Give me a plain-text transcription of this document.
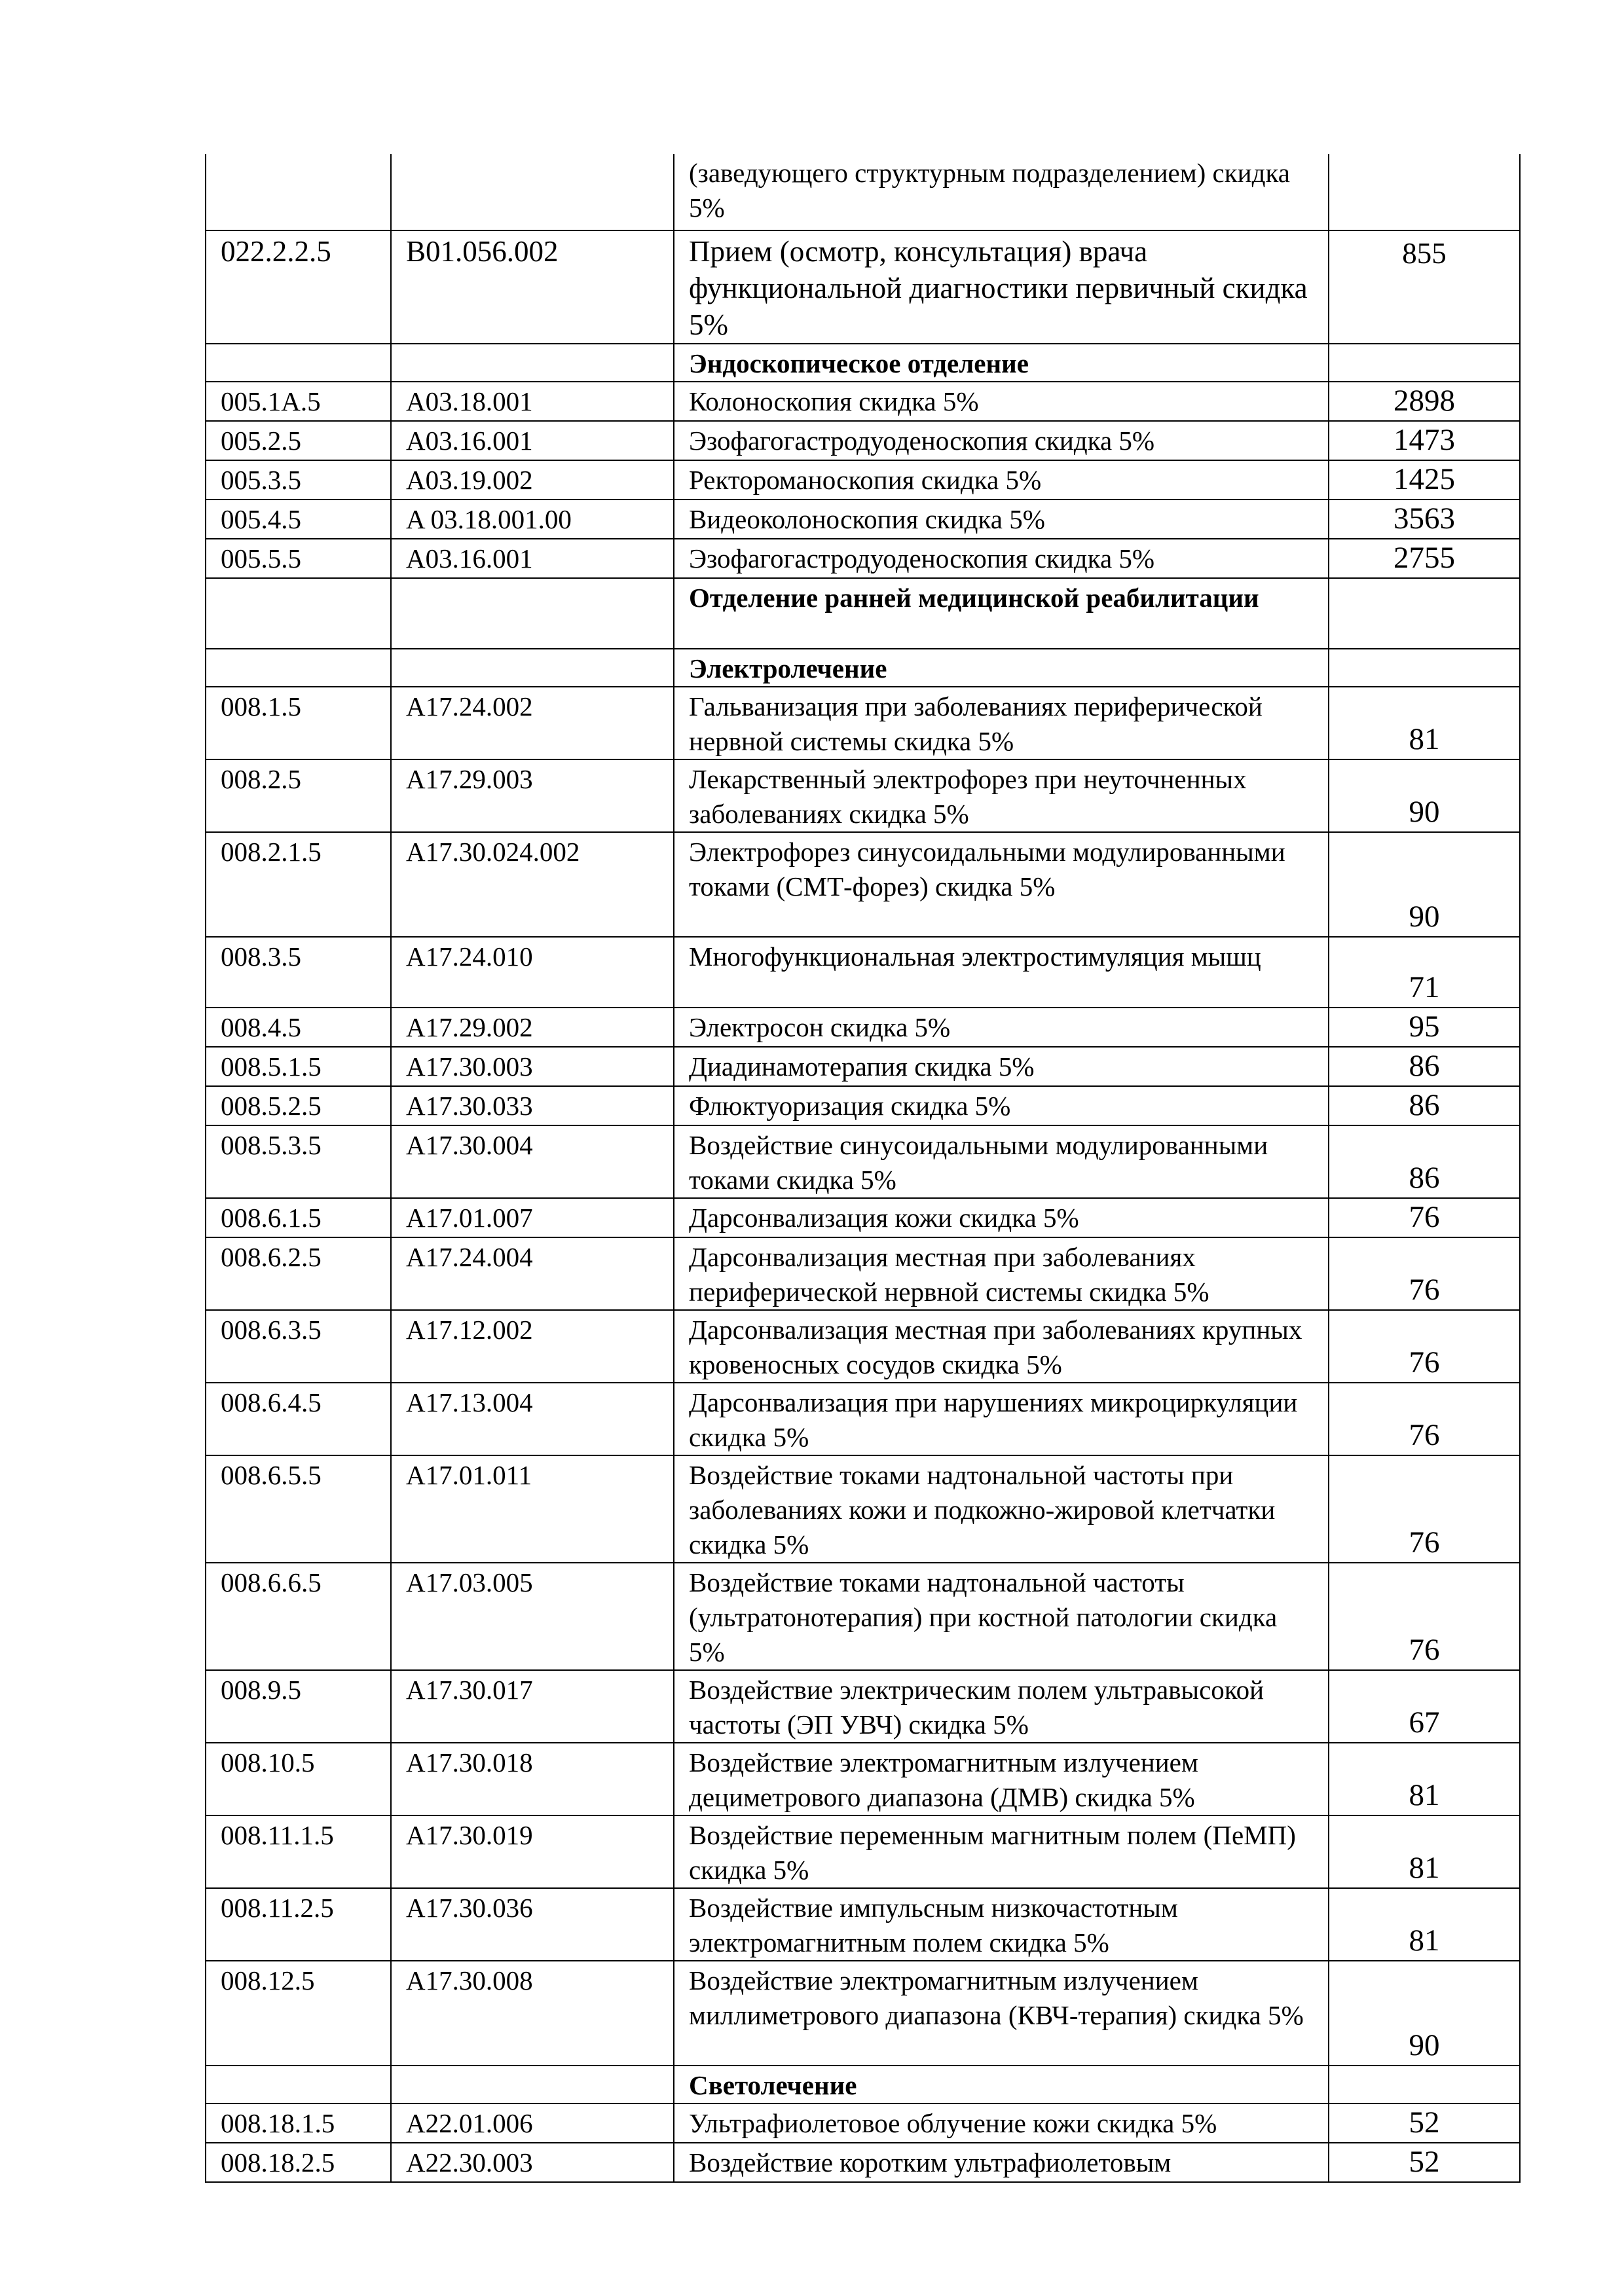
		(заведующего структурным подразделением) скидка 5%	
022.2.2.5	B01.056.002	Прием (осмотр, консультация) врача функциональной диагностики первичный скидка 5%	855
		Эндоскопическое отделение	
005.1A.5	A03.18.001	Колоноскопия скидка 5%	2898
005.2.5	A03.16.001	Эзофагогастродуоденоскопия скидка 5%	1473
005.3.5	A03.19.002	Ректороманоскопия скидка 5%	1425
005.4.5	A 03.18.001.00	Видеоколоноскопия скидка 5%	3563
005.5.5	A03.16.001	Эзофагогастродуоденоскопия скидка 5%	2755
		Отделение ранней медицинской реабилитации	
		Электролечение	
008.1.5	A17.24.002	Гальванизация при заболеваниях периферической нервной системы скидка 5%	81
008.2.5	A17.29.003	Лекарственный электрофорез при неуточненных заболеваниях скидка 5%	90
008.2.1.5	A17.30.024.002	Электрофорез синусоидальными модулированными токами (СМТ-форез) скидка 5%	90
008.3.5	A17.24.010	Многофункциональная электростимуляция мышц	71
008.4.5	A17.29.002	Электросон скидка 5%	95
008.5.1.5	A17.30.003	Диадинамотерапия скидка 5%	86
008.5.2.5	A17.30.033	Флюктуоризация скидка 5%	86
008.5.3.5	A17.30.004	Воздействие синусоидальными модулированными токами скидка 5%	86
008.6.1.5	A17.01.007	Дарсонвализация кожи скидка 5%	76
008.6.2.5	A17.24.004	Дарсонвализация местная при заболеваниях периферической нервной системы скидка 5%	76
008.6.3.5	A17.12.002	Дарсонвализация местная при заболеваниях крупных кровеносных сосудов скидка 5%	76
008.6.4.5	A17.13.004	Дарсонвализация при нарушениях микроциркуляции скидка 5%	76
008.6.5.5	A17.01.011	Воздействие токами надтональной частоты при заболеваниях кожи и подкожно-жировой клетчатки скидка 5%	76
008.6.6.5	A17.03.005	Воздействие токами надтональной частоты (ультратонотерапия) при костной патологии скидка 5%	76
008.9.5	A17.30.017	Воздействие электрическим полем ультравысокой частоты (ЭП УВЧ) скидка 5%	67
008.10.5	A17.30.018	Воздействие электромагнитным излучением дециметрового диапазона (ДМВ) скидка 5%	81
008.11.1.5	A17.30.019	Воздействие переменным магнитным полем (ПеМП) скидка 5%	81
008.11.2.5	A17.30.036	Воздействие импульсным низкочастотным электромагнитным полем скидка 5%	81
008.12.5	A17.30.008	Воздействие электромагнитным излучением миллиметрового диапазона (КВЧ-терапия) скидка 5%	90
		Светолечение	
008.18.1.5	A22.01.006	Ультрафиолетовое облучение кожи скидка 5%	52
008.18.2.5	A22.30.003	Воздействие коротким ультрафиолетовым	52
